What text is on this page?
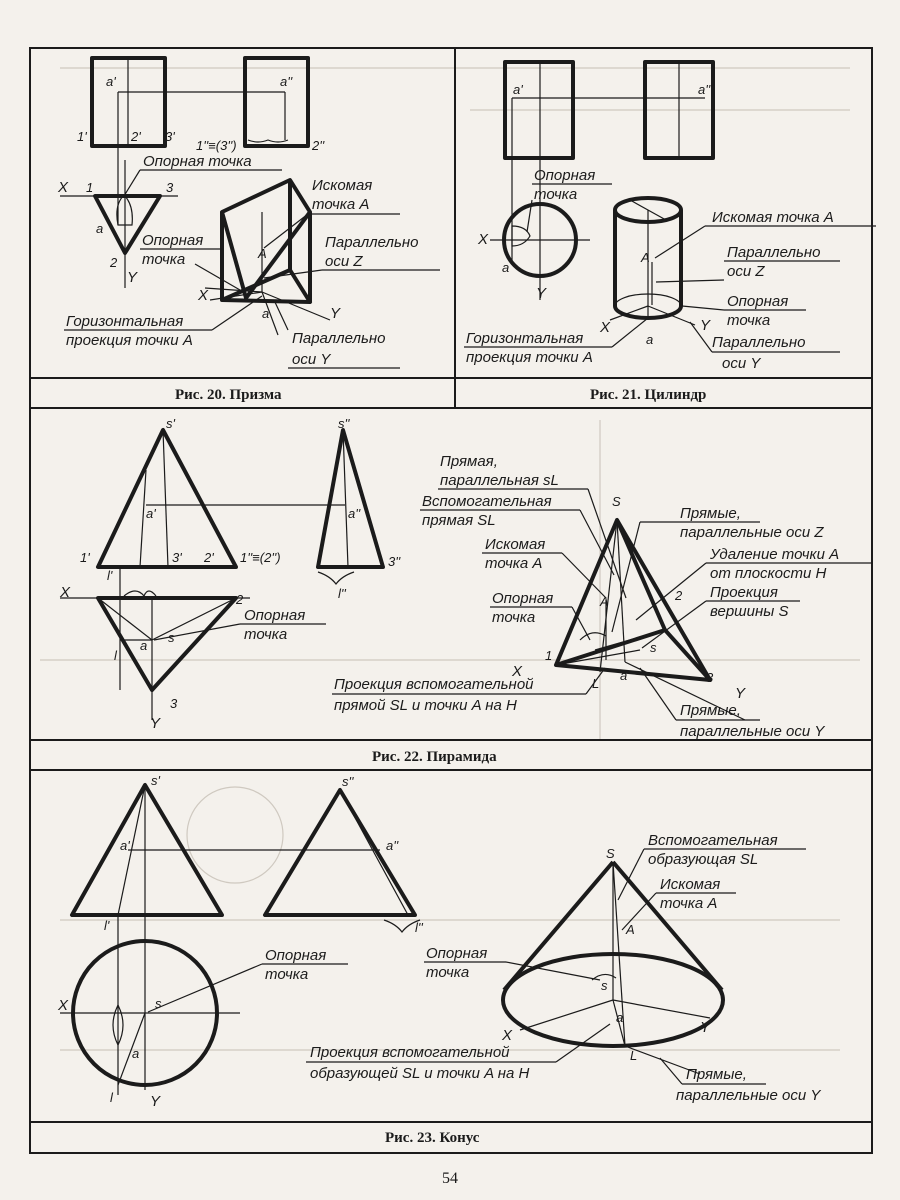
a'	a''
1'	2' 3'
1''≡(3'')	2''
X 1	3
a
2
Y
A
X
Y
a
Опорная точка
Искомая
точка A
Опорная
точка
Параллельно
оси Z
Горизонтальная
проекция точки A	Параллельно
оси Y
Рис. 20. Призма
a'	a''
X
Y
a
A
a
X	Y
Опорная
точка
Искомая точка A
Параллельно
оси Z
Опорная
точка
Горизонтальная
проекция точки A
Параллельно
оси Y
Рис. 21. Цилиндр
s'	s''
a'	a''
1'	3' 2' 1''≡(2'')	3''
l'
l''
X	2
s
a
l
3
Y
S
A	2
1
s
a
L	3
X
Y
Опорная
точка
Прямая,
параллельная sL
Вспомогательная
прямая SL
Искомая
точка A
Опорная
точка
Прямые,
параллельные оси Z
Удаление точки A
от плоскости H
Проекция
вершины S
Проекция вспомогательной
прямой SL и точки A на H	Прямые,
параллельные оси Y
Рис. 22. Пирамида
s'	s''
a'	a''
l'	l''
X	s
a
l Y
S
A
s
a
L
X	Y
Опорная
точка
Опорная
точка
Вспомогательная
образующая SL
Искомая
точка A
Проекция вспомогательной
образующей SL и точки A на H	Прямые,
параллельные оси Y
Рис. 23. Конус
54
